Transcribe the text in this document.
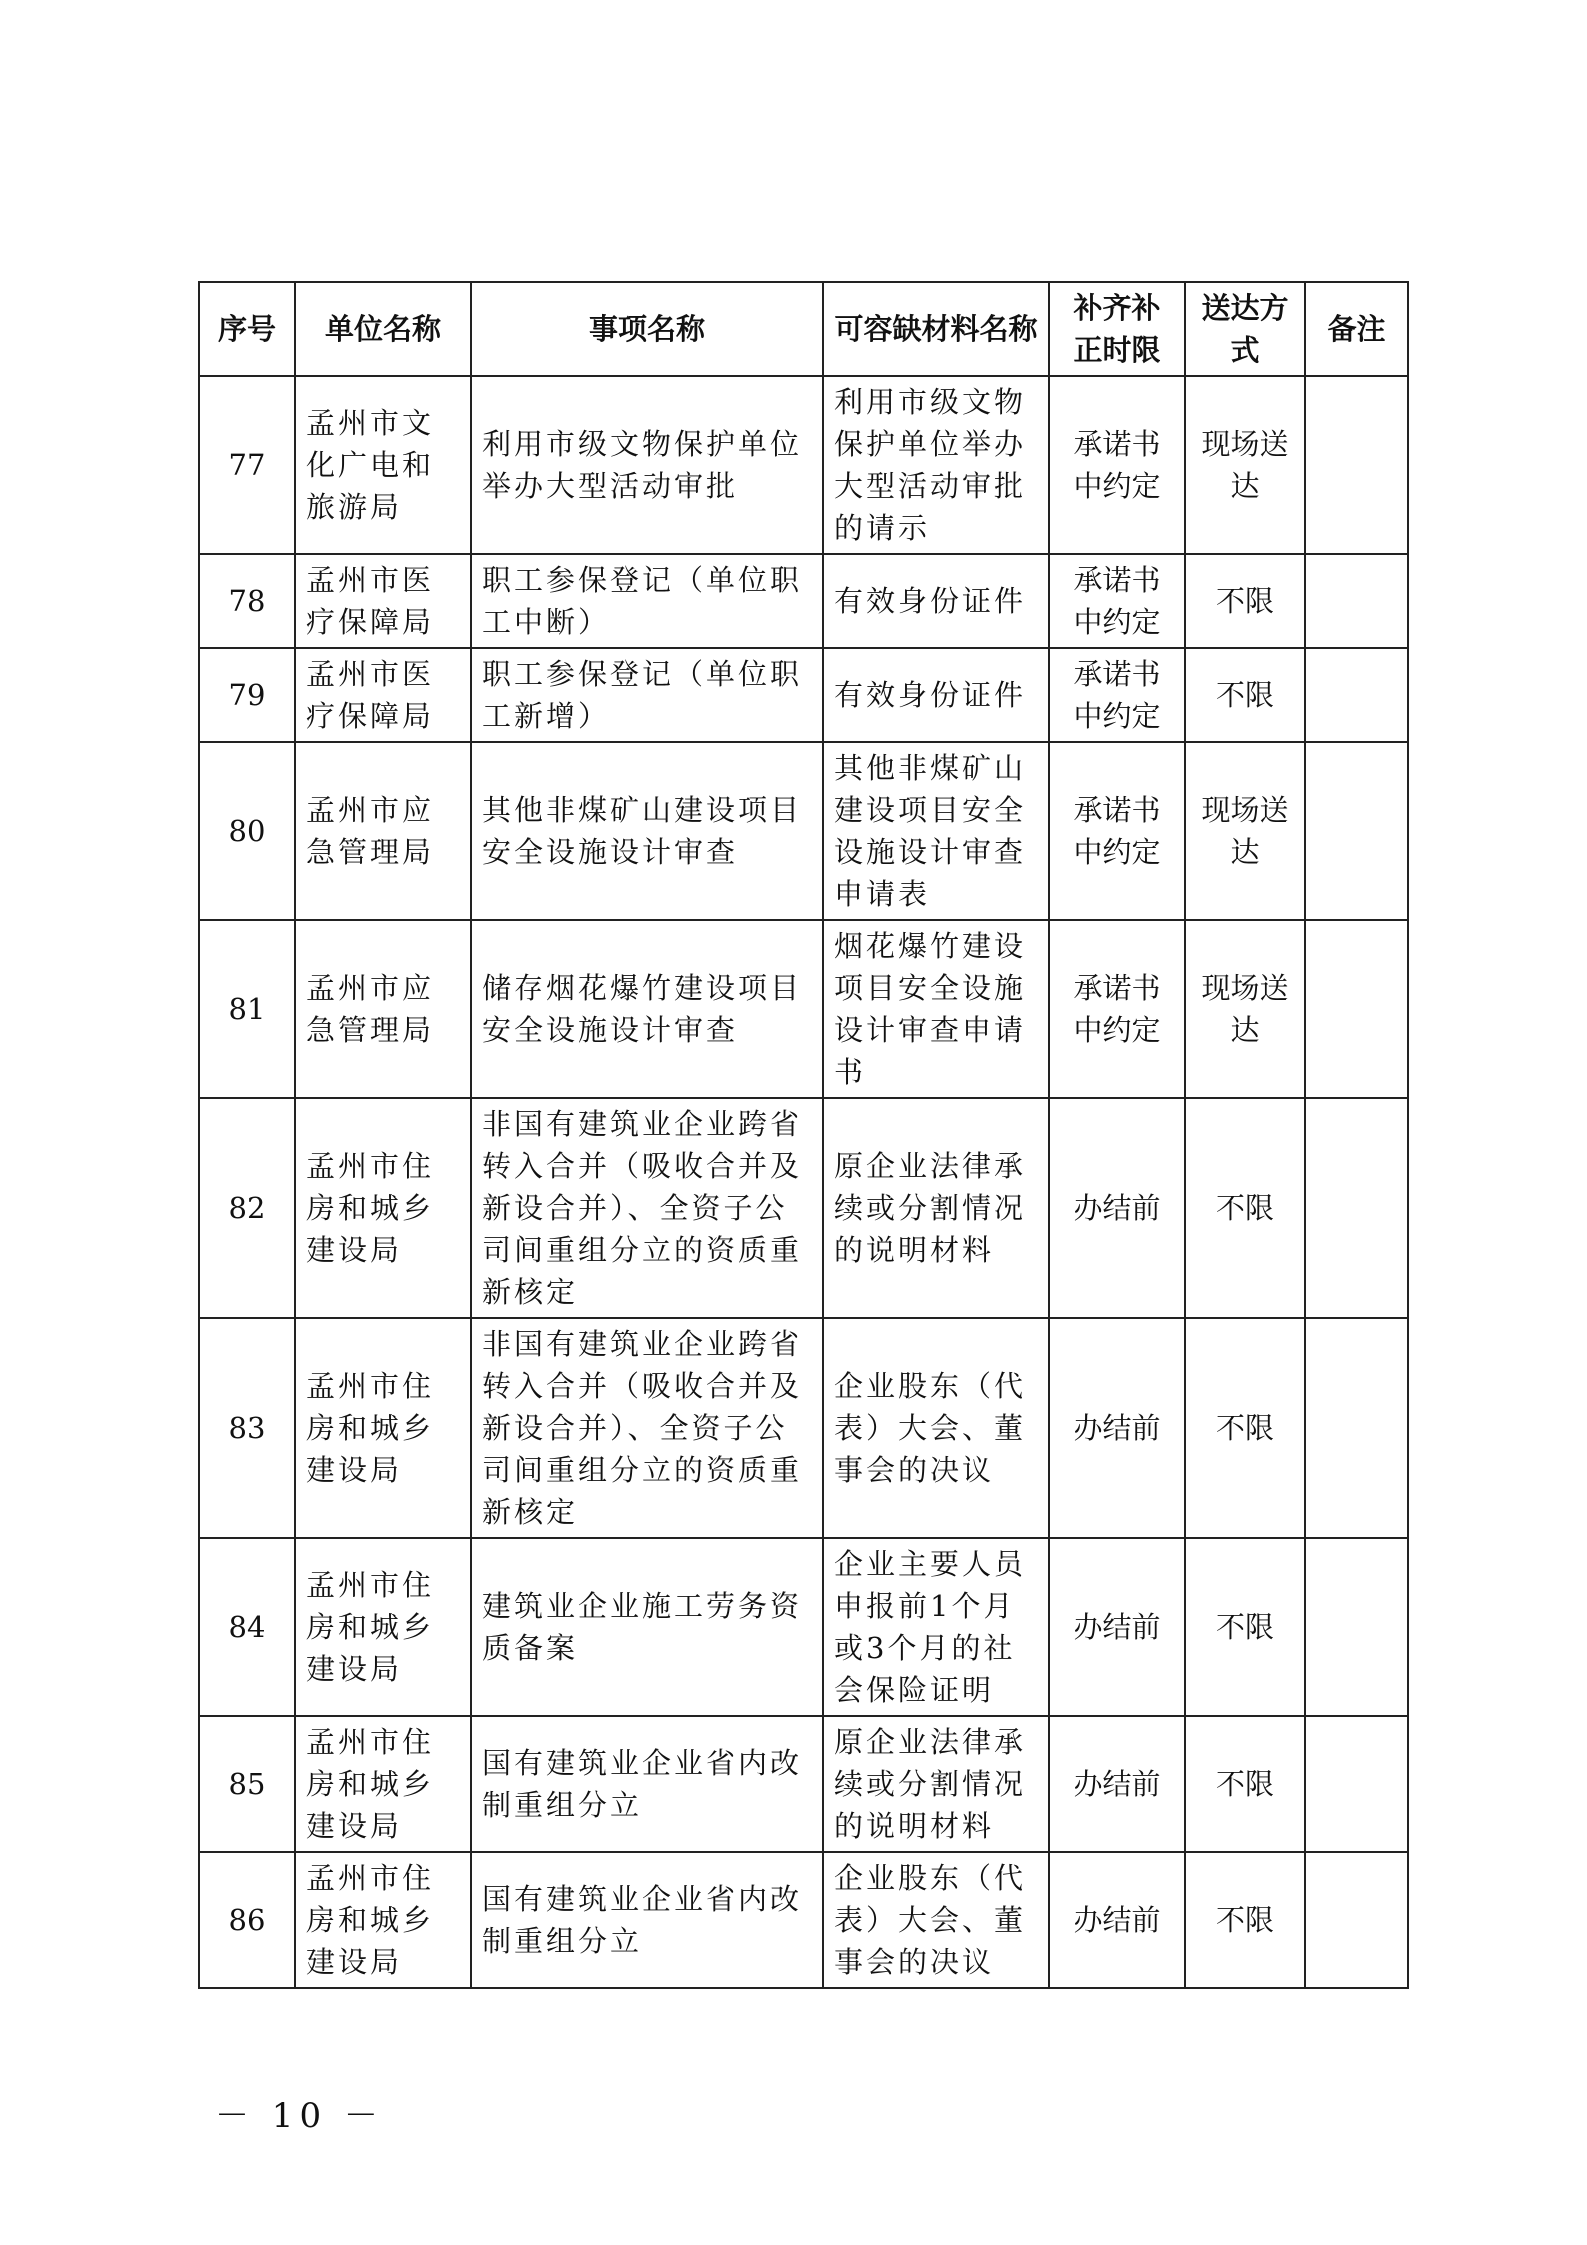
序号	单位名称	事项名称	可容缺材料名称	补齐补正时限	送达方式	备注
77	孟州市文化广电和旅游局	利用市级文物保护单位举办大型活动审批	利用市级文物保护单位举办大型活动审批的请示	承诺书中约定	现场送达	
78	孟州市医疗保障局	职工参保登记（单位职工中断）	有效身份证件	承诺书中约定	不限	
79	孟州市医疗保障局	职工参保登记（单位职工新增）	有效身份证件	承诺书中约定	不限	
80	孟州市应急管理局	其他非煤矿山建设项目安全设施设计审查	其他非煤矿山建设项目安全设施设计审查申请表	承诺书中约定	现场送达	
81	孟州市应急管理局	储存烟花爆竹建设项目安全设施设计审查	烟花爆竹建设项目安全设施设计审查申请书	承诺书中约定	现场送达	
82	孟州市住房和城乡建设局	非国有建筑业企业跨省转入合并（吸收合并及新设合并）、全资子公司间重组分立的资质重新核定	原企业法律承续或分割情况的说明材料	办结前	不限	
83	孟州市住房和城乡建设局	非国有建筑业企业跨省转入合并（吸收合并及新设合并）、全资子公司间重组分立的资质重新核定	企业股东（代表）大会、董事会的决议	办结前	不限	
84	孟州市住房和城乡建设局	建筑业企业施工劳务资质备案	企业主要人员申报前1个月或3个月的社会保险证明	办结前	不限	
85	孟州市住房和城乡建设局	国有建筑业企业省内改制重组分立	原企业法律承续或分割情况的说明材料	办结前	不限	
86	孟州市住房和城乡建设局	国有建筑业企业省内改制重组分立	企业股东（代表）大会、董事会的决议	办结前	不限	
－ 10 －
